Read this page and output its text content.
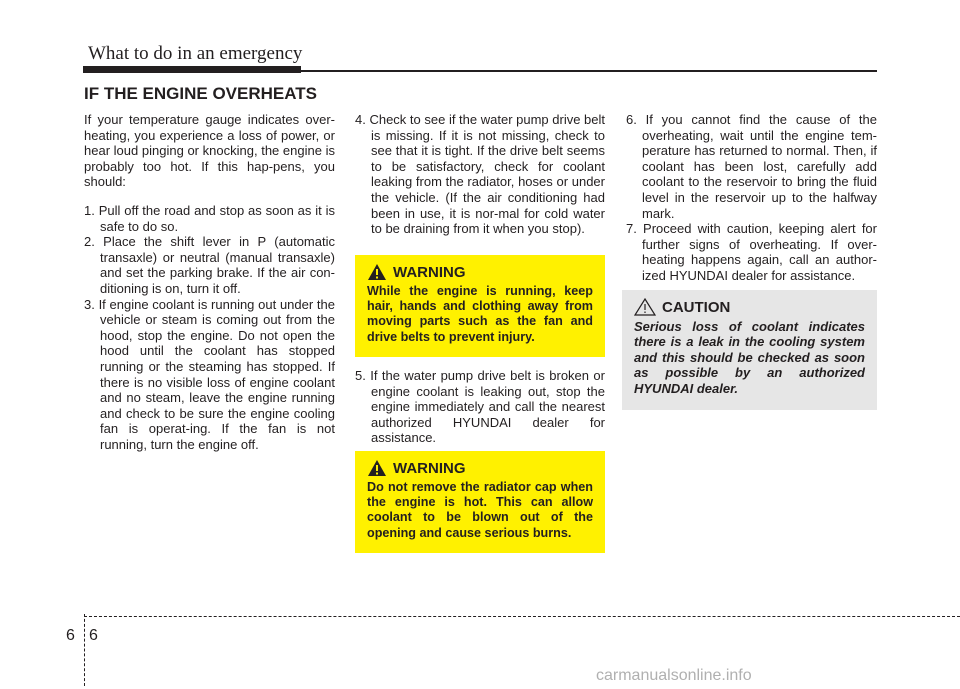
What to do in an emergency
IF THE ENGINE OVERHEATS

If your temperature gauge indicates over-heating, you experience a loss of power, or hear loud pinging or knocking, the engine is probably too hot. If this hap-pens, you should:

1. Pull off the road and stop as soon as it is safe to do so.
2. Place the shift lever in P (automatic transaxle) or neutral (manual transaxle) and set the parking brake. If the air con-ditioning is on, turn it off.
3. If engine coolant is running out under the vehicle or steam is coming out from the hood, stop the engine. Do not open the hood until the coolant has stopped running or the steaming has stopped. If there is no visible loss of engine coolant and no steam, leave the engine running and check to be sure the engine cooling fan is operat-ing. If the fan is not running, turn the engine off.
4. Check to see if the water pump drive belt is missing. If it is not missing, check to see that it is tight. If the drive belt seems to be satisfactory, check for coolant leaking from the radiator, hoses or under the vehicle. (If the air conditioning had been in use, it is nor-mal for cold water to be draining from it when you stop).
WARNING
While the engine is running, keep hair, hands and clothing away from moving parts such as the fan and drive belts to prevent injury.
5. If the water pump drive belt is broken or engine coolant is leaking out, stop the engine immediately and call the nearest authorized HYUNDAI dealer for assistance.
WARNING
Do not remove the radiator cap when the engine is hot. This can allow coolant to be blown out of the opening and cause serious burns.
6. If you cannot find the cause of the overheating, wait until the engine tem-perature has returned to normal. Then, if coolant has been lost, carefully add coolant to the reservoir to bring the fluid level in the reservoir up to the halfway mark.
7. Proceed with caution, keeping alert for further signs of overheating. If over-heating happens again, call an author-ized HYUNDAI dealer for assistance.
CAUTION
Serious loss of coolant indicates there is a leak in the cooling system and this should be checked as soon as possible by an authorized HYUNDAI dealer.
6 6
carmanualsonline.info
